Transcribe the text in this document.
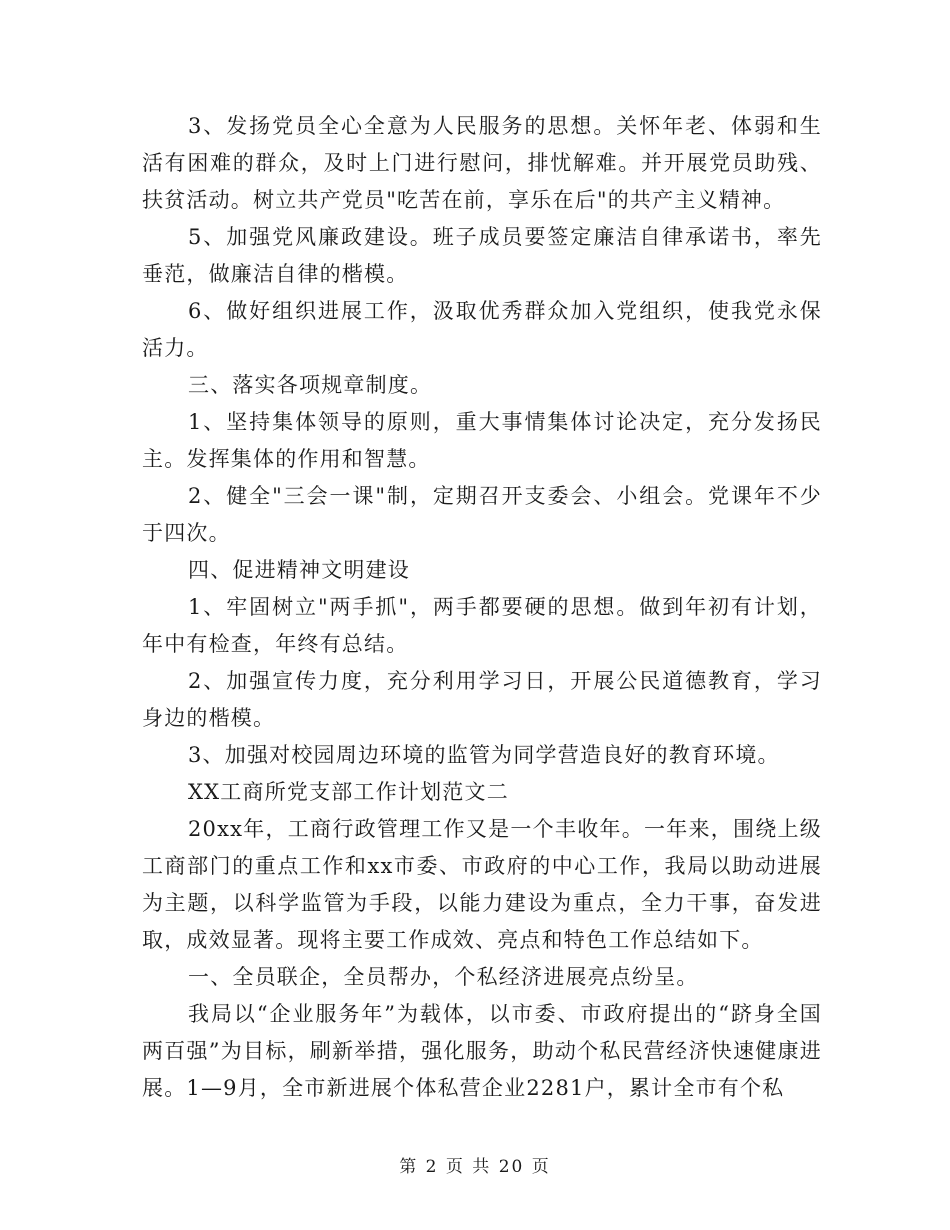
3、发扬党员全心全意为人民服务的思想。关怀年老、体弱和生活有困难的群众，及时上门进行慰问，排忧解难。并开展党员助残、扶贫活动。树立共产党员"吃苦在前，享乐在后"的共产主义精神。

5、加强党风廉政建设。班子成员要签定廉洁自律承诺书，率先垂范，做廉洁自律的楷模。

6、做好组织进展工作，汲取优秀群众加入党组织，使我党永保活力。

三、落实各项规章制度。

1、坚持集体领导的原则，重大事情集体讨论决定，充分发扬民主。发挥集体的作用和智慧。

2、健全"三会一课"制，定期召开支委会、小组会。党课年不少于四次。

四、促进精神文明建设

1、牢固树立"两手抓"，两手都要硬的思想。做到年初有计划，年中有检查，年终有总结。

2、加强宣传力度，充分利用学习日，开展公民道德教育，学习身边的楷模。

3、加强对校园周边环境的监管为同学营造良好的教育环境。

XX工商所党支部工作计划范文二

20xx年，工商行政管理工作又是一个丰收年。一年来，围绕上级工商部门的重点工作和xx市委、市政府的中心工作，我局以助动进展为主题，以科学监管为手段，以能力建设为重点，全力干事，奋发进取，成效显著。现将主要工作成效、亮点和特色工作总结如下。

一、全员联企，全员帮办，个私经济进展亮点纷呈。

我局以“企业服务年”为载体，以市委、市政府提出的“跻身全国两百强”为目标，刷新举措，强化服务，助动个私民营经济快速健康进展。1—9月，全市新进展个体私营企业2281户，累计全市有个私

第 2 页 共 20 页
